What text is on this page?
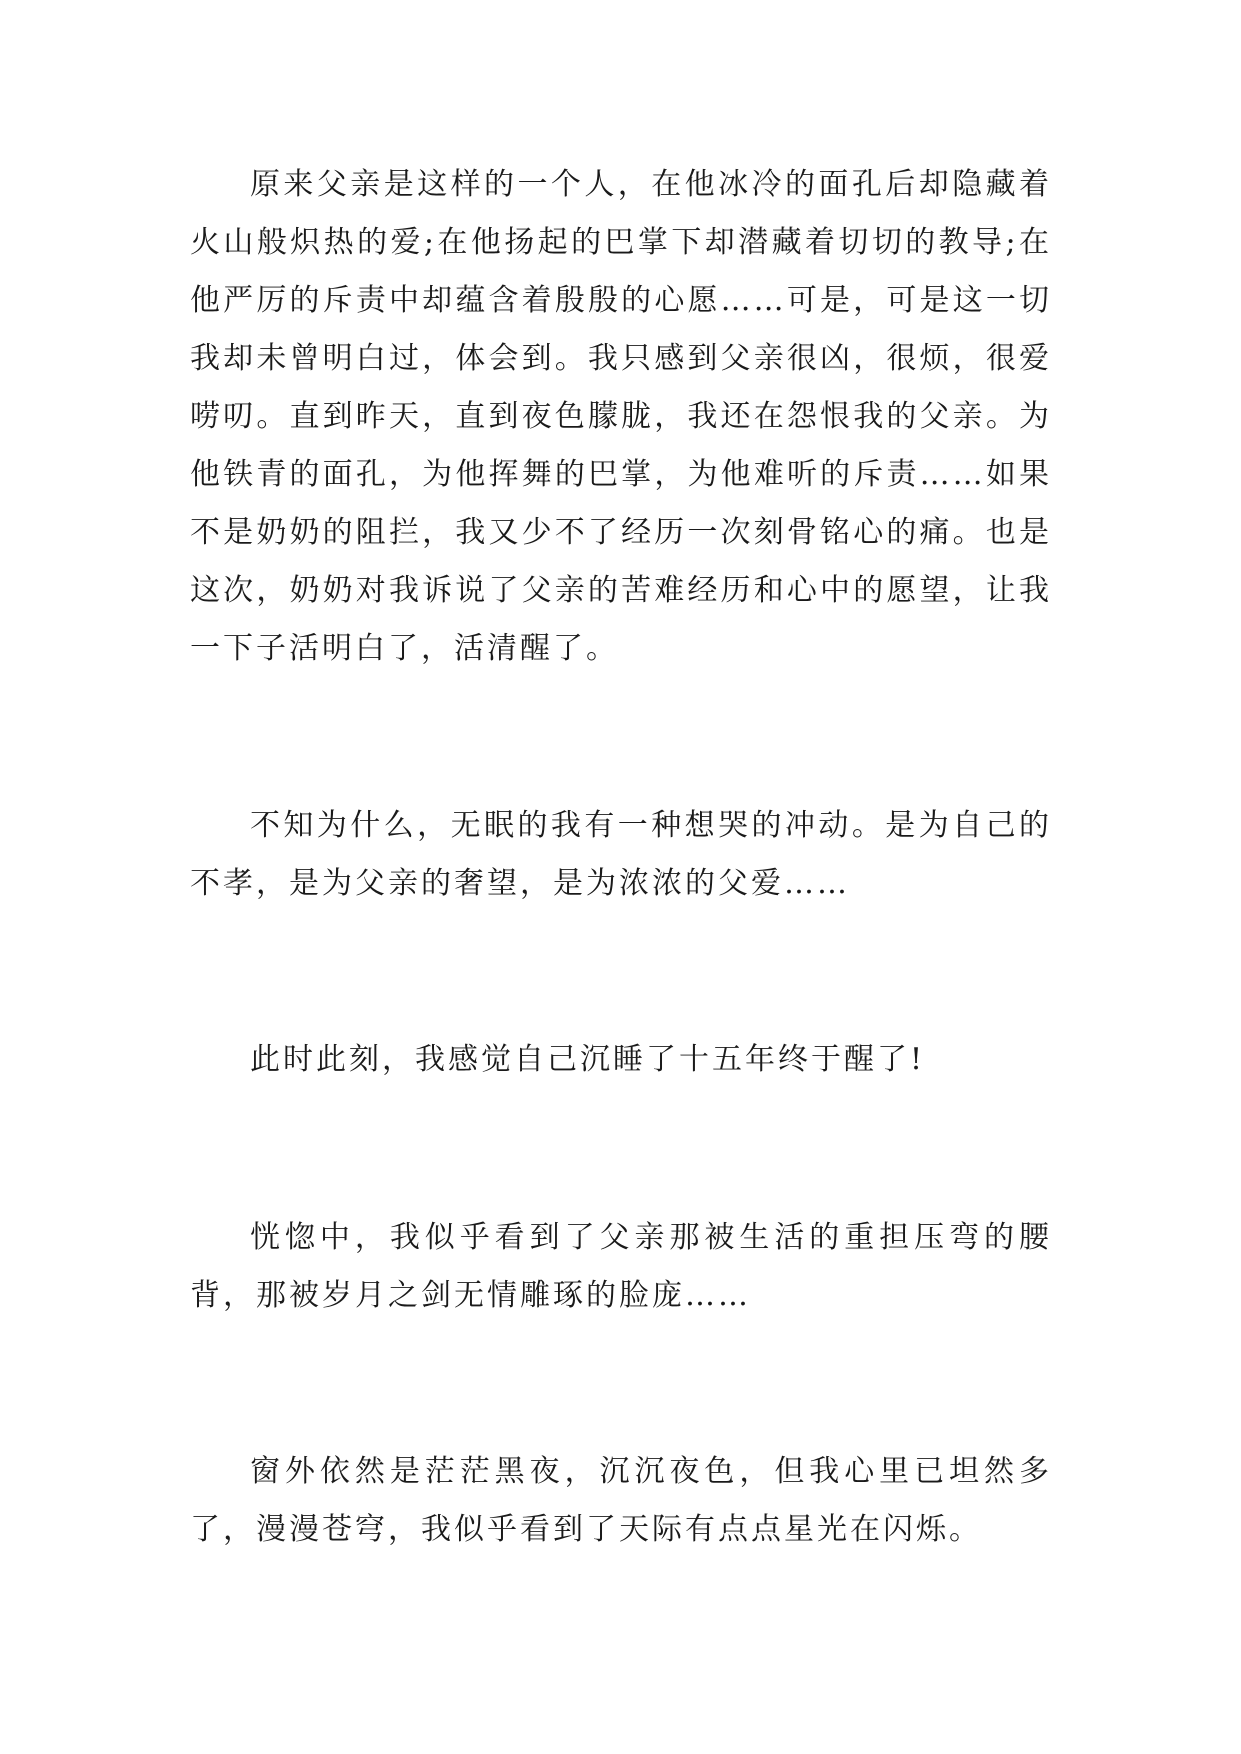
原来父亲是这样的一个人，在他冰冷的面孔后却隐藏着火山般炽热的爱;在他扬起的巴掌下却潜藏着切切的教导;在他严厉的斥责中却蕴含着殷殷的心愿……可是，可是这一切我却未曾明白过，体会到。我只感到父亲很凶，很烦，很爱唠叨。直到昨天，直到夜色朦胧，我还在怨恨我的父亲。为他铁青的面孔，为他挥舞的巴掌，为他难听的斥责……如果不是奶奶的阻拦，我又少不了经历一次刻骨铭心的痛。也是这次，奶奶对我诉说了父亲的苦难经历和心中的愿望，让我一下子活明白了，活清醒了。

不知为什么，无眠的我有一种想哭的冲动。是为自己的不孝，是为父亲的奢望，是为浓浓的父爱……

此时此刻，我感觉自己沉睡了十五年终于醒了!

恍惚中，我似乎看到了父亲那被生活的重担压弯的腰背，那被岁月之剑无情雕琢的脸庞……

窗外依然是茫茫黑夜，沉沉夜色，但我心里已坦然多了，漫漫苍穹，我似乎看到了天际有点点星光在闪烁。
